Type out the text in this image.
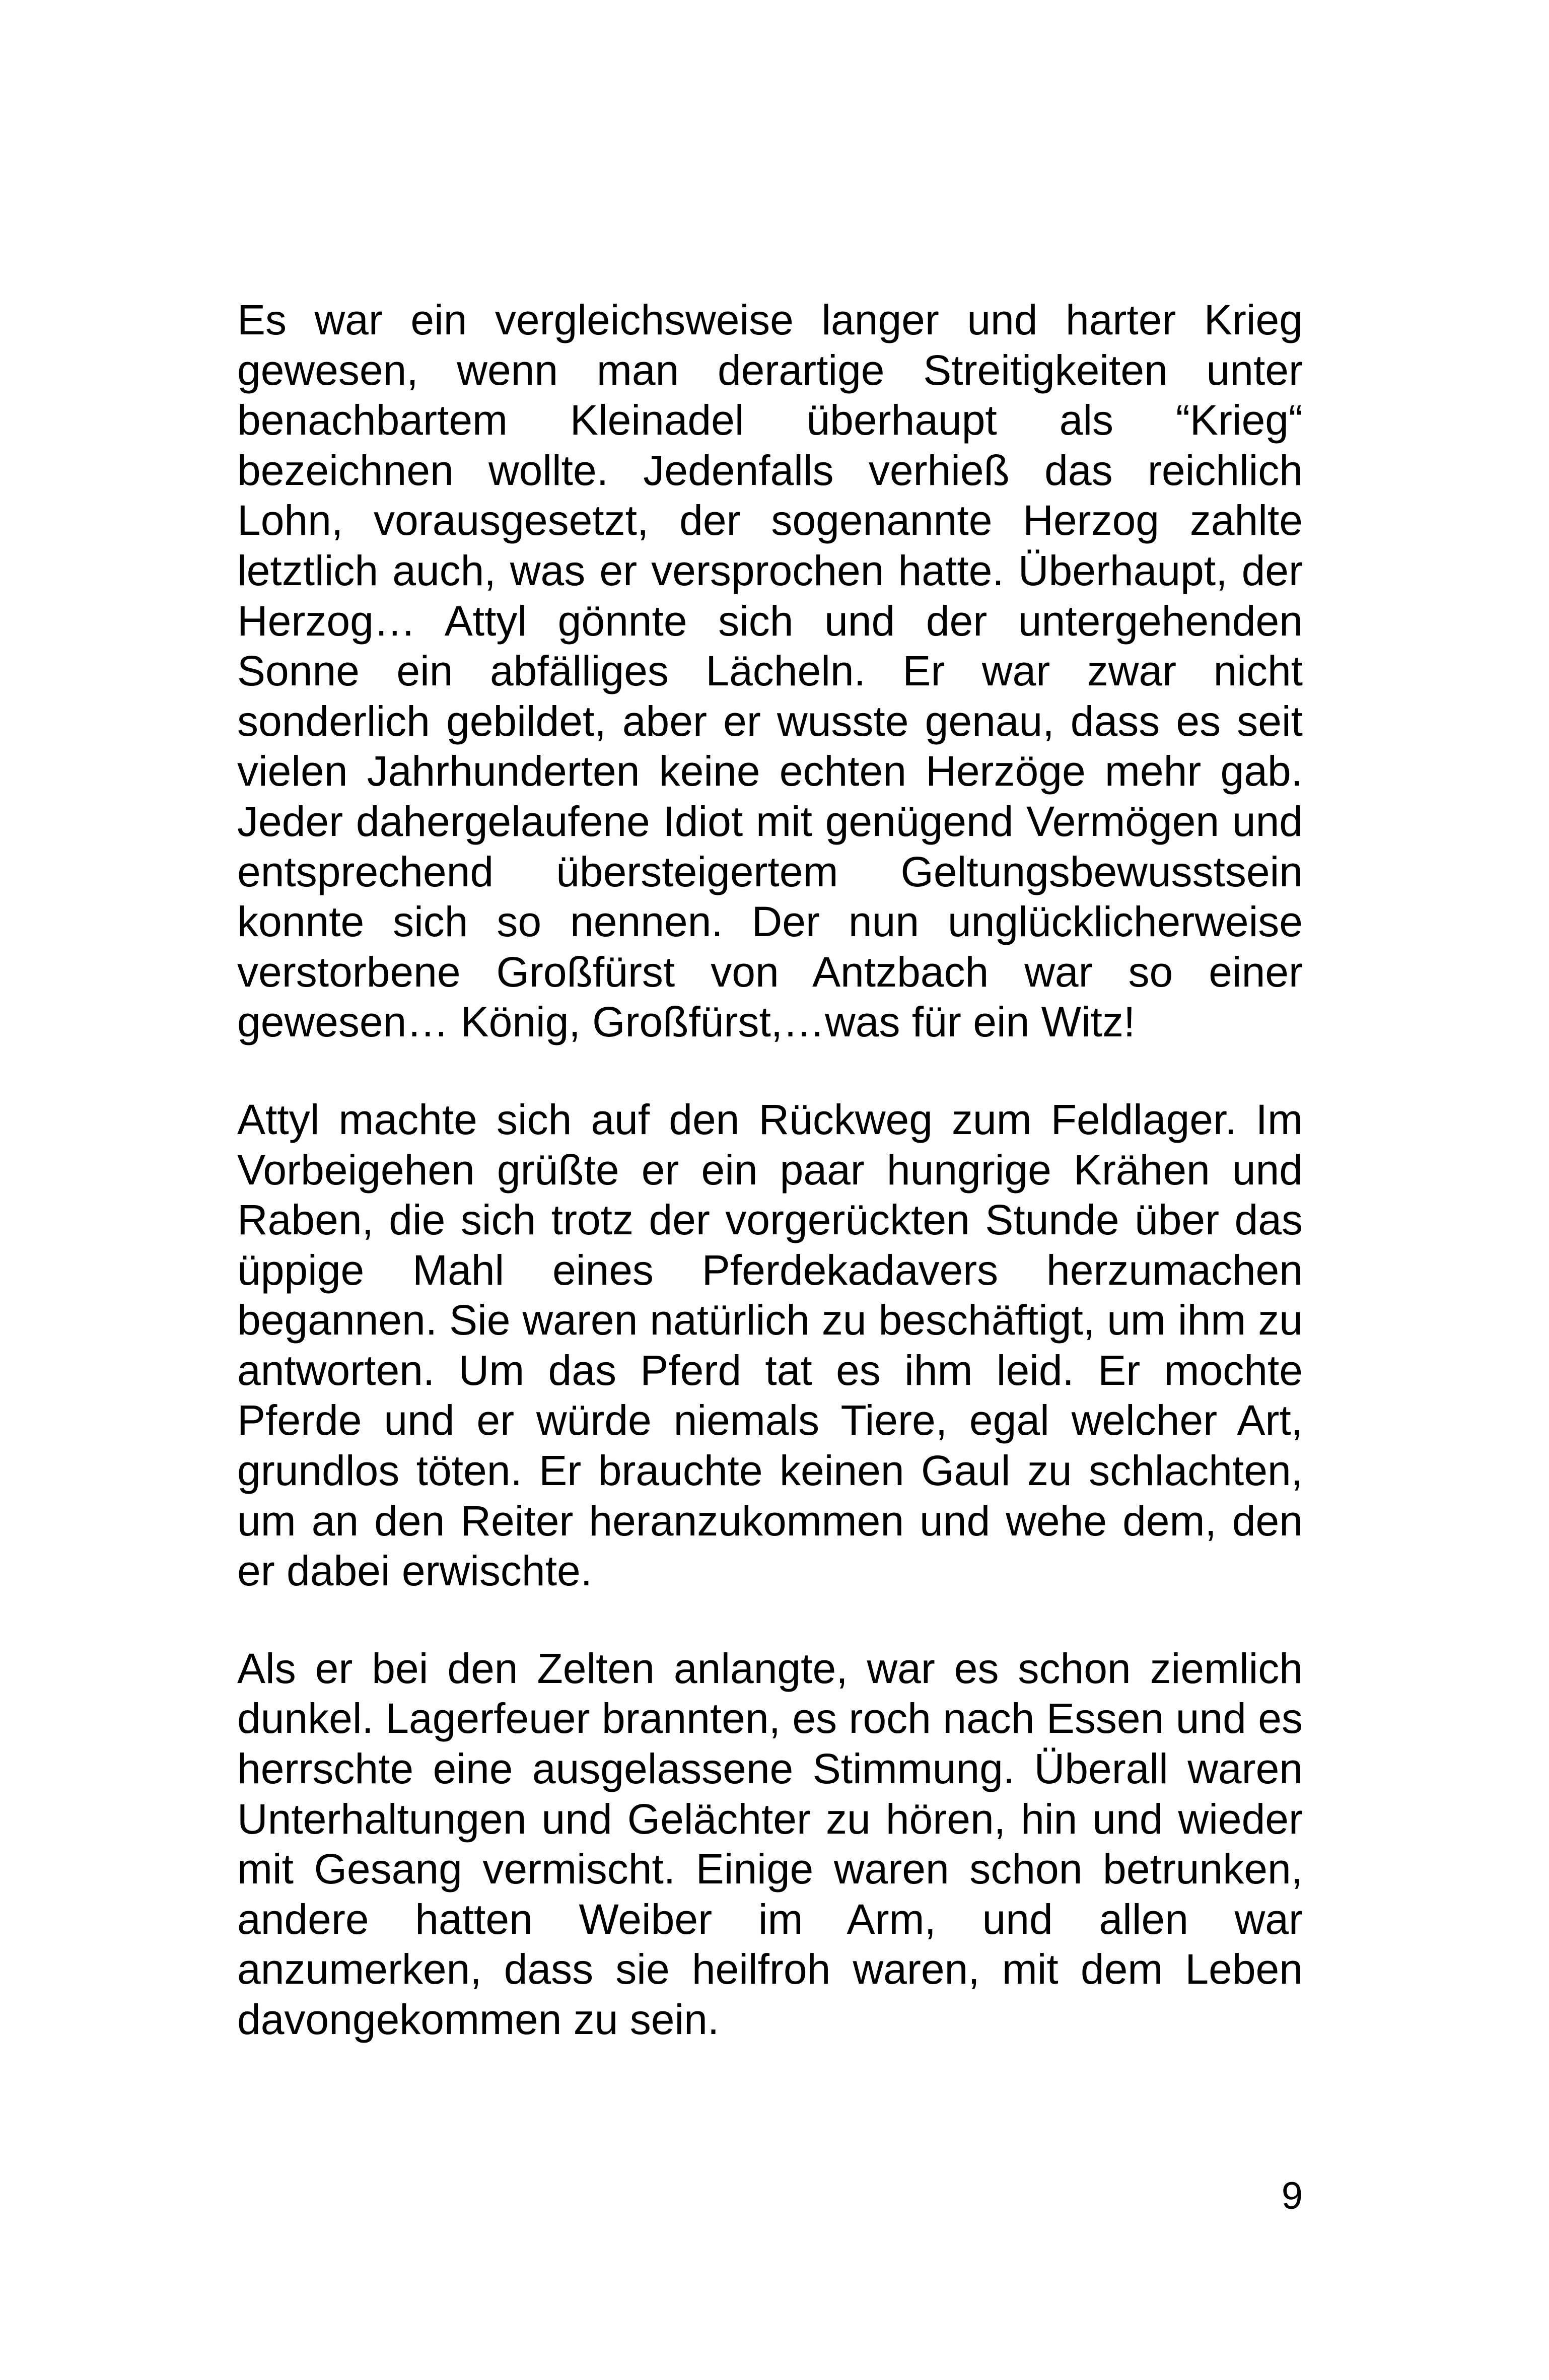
Es war ein vergleichsweise langer und harter Krieg gewesen, wenn man derartige Streitigkeiten unter benachbartem Kleinadel überhaupt als “Krieg“ bezeichnen wollte. Jedenfalls verhieß das reichlich Lohn, vorausgesetzt, der sogenannte Herzog zahlte letztlich auch, was er versprochen hatte. Überhaupt, der Herzog… Attyl gönnte sich und der untergehenden Sonne ein abfälliges Lächeln. Er war zwar nicht sonderlich gebildet, aber er wusste genau, dass es seit vielen Jahrhunderten keine echten Herzöge mehr gab. Jeder dahergelaufene Idiot mit genügend Vermögen und entsprechend übersteigertem Geltungsbewusstsein konnte sich so nennen. Der nun unglücklicherweise verstorbene Großfürst von Antzbach war so einer gewesen… König, Großfürst,…was für ein Witz!

Attyl machte sich auf den Rückweg zum Feldlager. Im Vorbeigehen grüßte er ein paar hungrige Krähen und Raben, die sich trotz der vorgerückten Stunde über das üppige Mahl eines Pferdekadavers herzumachen begannen. Sie waren natürlich zu beschäftigt, um ihm zu antworten. Um das Pferd tat es ihm leid. Er mochte Pferde und er würde niemals Tiere, egal welcher Art, grundlos töten. Er brauchte keinen Gaul zu schlachten, um an den Reiter heranzukommen und wehe dem, den er dabei erwischte.

Als er bei den Zelten anlangte, war es schon ziemlich dunkel. Lagerfeuer brannten, es roch nach Essen und es herrschte eine ausgelassene Stimmung. Überall waren Unterhaltungen und Gelächter zu hören, hin und wieder mit Gesang vermischt. Einige waren schon betrunken, andere hatten Weiber im Arm, und allen war anzumerken, dass sie heilfroh waren, mit dem Leben davongekommen zu sein.

9
